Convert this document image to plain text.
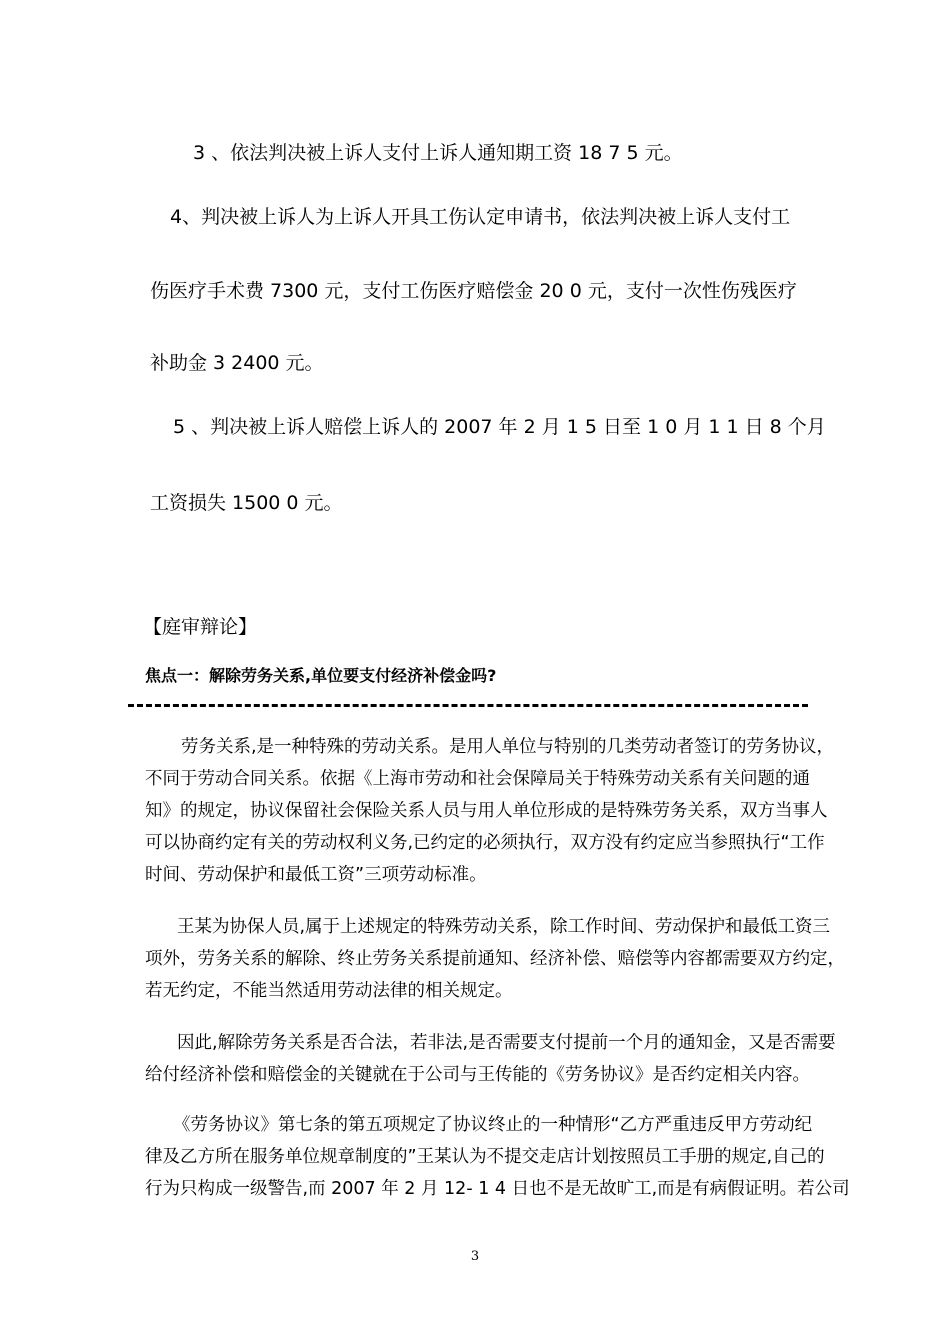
3 、依法判决被上诉人支付上诉人通知期工资 18 7 5 元。
4、判决被上诉人为上诉人开具工伤认定申请书，依法判决被上诉人支付工
伤医疗手术费 7300 元，支付工伤医疗赔偿金 20 0 元，支付一次性伤残医疗
补助金 3 2400 元。
5 、判决被上诉人赔偿上诉人的 2007 年 2 月 1 5 日至 1 0 月 1 1 日 8 个月
工资损失 1500 0 元。
【庭审辩论】
焦点一：解除劳务关系,单位要支付经济补偿金吗?
劳务关系,是一种特殊的劳动关系。是用人单位与特别的几类劳动者签订的劳务协议，
不同于劳动合同关系。依据《上海市劳动和社会保障局关于特殊劳动关系有关问题的通
知》的规定，协议保留社会保险关系人员与用人单位形成的是特殊劳务关系，双方当事人
可以协商约定有关的劳动权利义务,已约定的必须执行，双方没有约定应当参照执行“工作
时间、劳动保护和最低工资”三项劳动标准。
王某为协保人员,属于上述规定的特殊劳动关系，除工作时间、劳动保护和最低工资三
项外，劳务关系的解除、终止劳务关系提前通知、经济补偿、赔偿等内容都需要双方约定，
若无约定，不能当然适用劳动法律的相关规定。
因此,解除劳务关系是否合法，若非法,是否需要支付提前一个月的通知金，又是否需要
给付经济补偿和赔偿金的关键就在于公司与王传能的《劳务协议》是否约定相关内容。
《劳务协议》第七条的第五项规定了协议终止的一种情形“乙方严重违反甲方劳动纪
律及乙方所在服务单位规章制度的”王某认为不提交走店计划按照员工手册的规定,自己的
行为只构成一级警告,而 2007 年 2 月 12- 1 4 日也不是无故旷工,而是有病假证明。若公司
3
